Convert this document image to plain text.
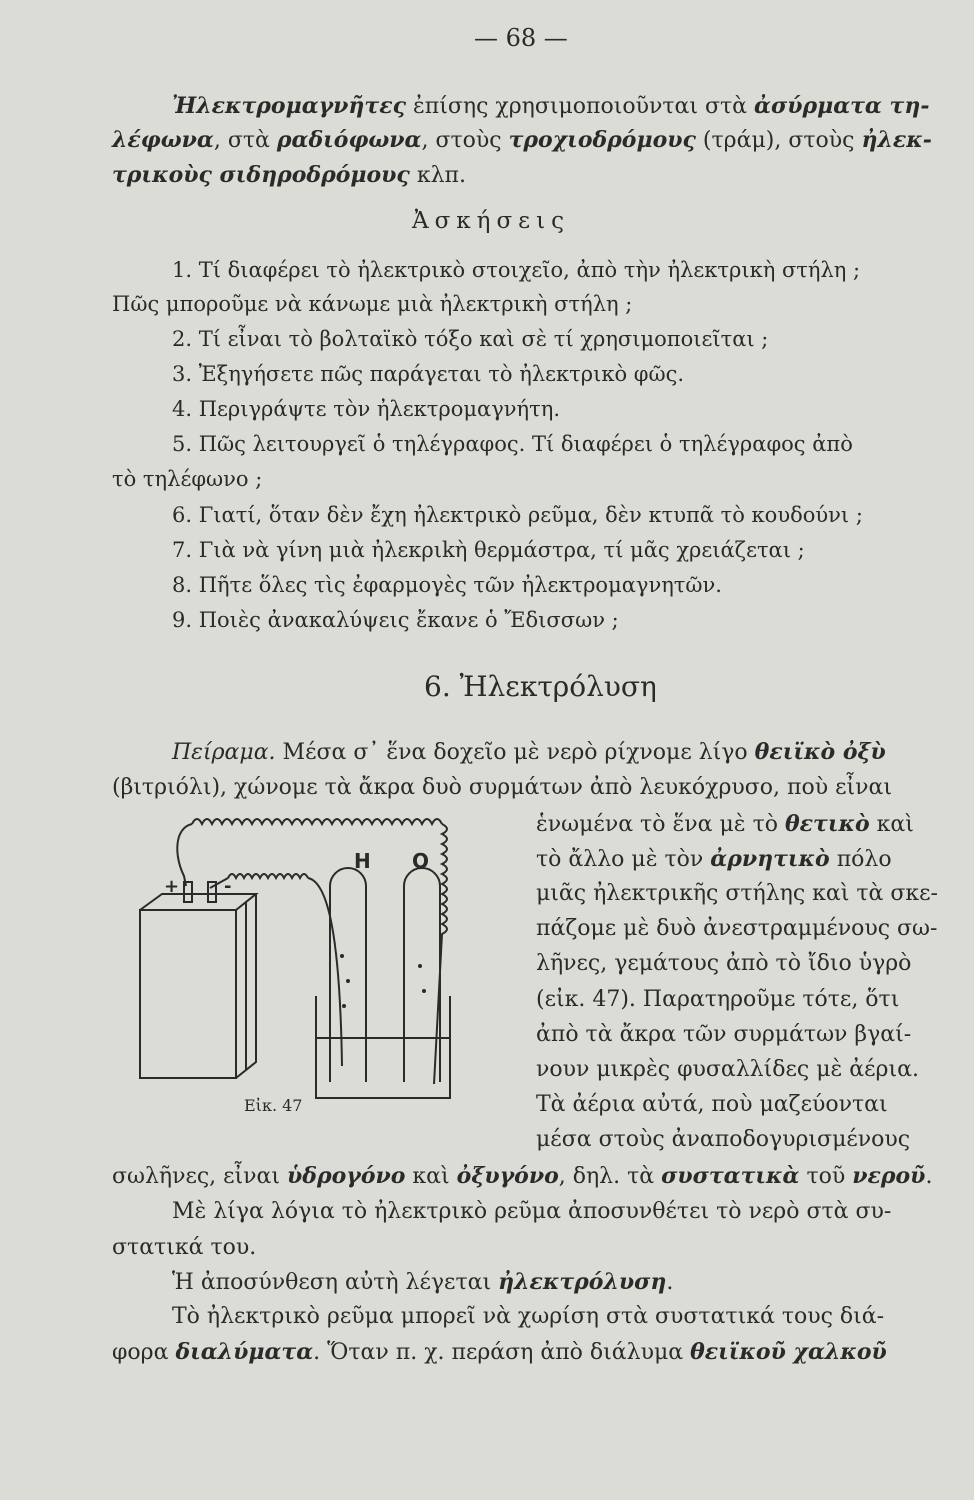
— 68 —
Ἠλεκτρομαγνῆτες ἐπίσης χρησιμοποιοῦνται στὰ ἀσύρματα τη-
λέφωνα, στὰ ραδιόφωνα, στοὺς τροχιοδρόμους (τράμ), στοὺς ἠλεκ-
τρικοὺς σιδηροδρόμους κλπ.
Ἀσκήσεις
1. Τί διαφέρει τὸ ἠλεκτρικὸ στοιχεῖο, ἀπὸ τὴν ἠλεκτρικὴ στήλη ;
Πῶς μποροῦμε νὰ κάνωμε μιὰ ἠλεκτρικὴ στήλη ;
2. Τί εἶναι τὸ βολταϊκὸ τόξο καὶ σὲ τί χρησιμοποιεῖται ;
3. Ἐξηγήσετε πῶς παράγεται τὸ ἠλεκτρικὸ φῶς.
4. Περιγράψτε τὸν ἠλεκτρομαγνήτη.
5. Πῶς λειτουργεῖ ὁ τηλέγραφος. Τί διαφέρει ὁ τηλέγραφος ἀπὸ
τὸ τηλέφωνο ;
6. Γιατί, ὅταν δὲν ἔχη ἠλεκτρικὸ ρεῦμα, δὲν κτυπᾶ τὸ κουδούνι ;
7. Γιὰ νὰ γίνη μιὰ ἠλεκριkὴ θερμάστρα, τί μᾶς χρειάζεται ;
8. Πῆτε ὅλες τὶς ἐφαρμογὲς τῶν ἠλεκτρομαγνητῶν.
9. Ποιὲς ἀνακαλύψεις ἔκανε ὁ Ἔδισσων ;
6. Ἠλεκτρόλυση
Πείραμα. Μέσα σ᾿ ἕνα δοχεῖο μὲ νερὸ ρίχνομε λίγο θειϊκὸ ὀξὺ
(βιτριόλι), χώνομε τὰ ἄκρα δυὸ συρμάτων ἀπὸ λευκόχρυσο, ποὺ εἶναι
ἑνωμένα τὸ ἕνα μὲ τὸ θετικὸ καὶ
τὸ ἄλλο μὲ τὸν ἀρνητικὸ πόλο
μιᾶς ἠλεκτρικῆς στήλης καὶ τὰ σκε-
πάζομε μὲ δυὸ ἀνεστραμμένους σω-
λῆνες, γεμάτους ἀπὸ τὸ ἴδιο ὑγρὸ
(εἰκ. 47). Παρατηροῦμε τότε, ὅτι
ἀπὸ τὰ ἄκρα τῶν συρμάτων βγαί-
νουν μικρὲς φυσαλλίδες μὲ ἀέρια.
Τὰ ἀέρια αὐτά, ποὺ μαζεύονται
μέσα στοὺς ἀναποδογυρισμένους
H O
+ -
Εἰκ. 47
σωλῆνες, εἶναι ὑδρογόνο καὶ ὀξυγόνο, δηλ. τὰ συστατικὰ τοῦ νεροῦ.
Μὲ λίγα λόγια τὸ ἠλεκτρικὸ ρεῦμα ἀποσυνθέτει τὸ νερὸ στὰ συ-
στατικά του.
Ἡ ἀποσύνθεση αὐτὴ λέγεται ἠλεκτρόλυση.
Τὸ ἠλεκτρικὸ ρεῦμα μπορεῖ νὰ χωρίση στὰ συστατικά τους διά-
φορα διαλύματα. Ὅταν π. χ. περάση ἀπὸ διάλυμα θειϊκοῦ χαλκοῦ
